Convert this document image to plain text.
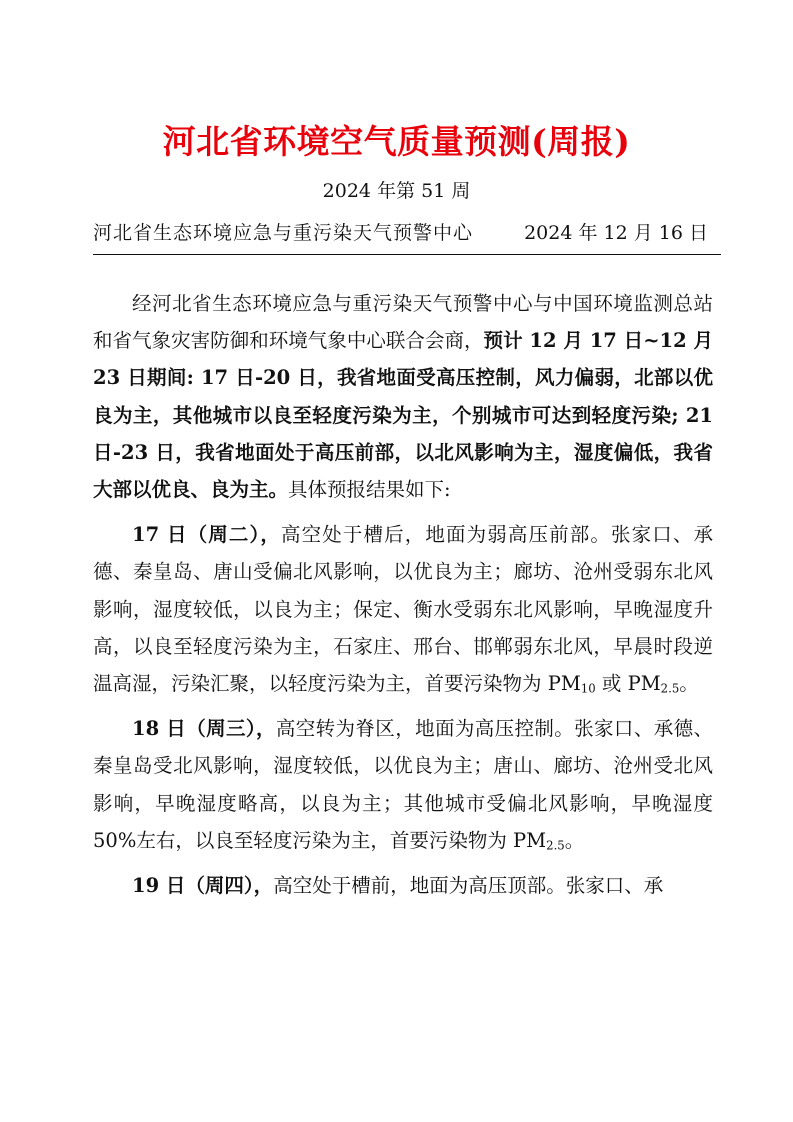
河北省环境空气质量预测(周报)
2024 年第 51 周
河北省生态环境应急与重污染天气预警中心	2024 年 12 月 16 日

经河北省生态环境应急与重污染天气预警中心与中国环境监测总站和省气象灾害防御和环境气象中心联合会商，预计 12 月 17 日~12 月 23 日期间: 17 日-20 日，我省地面受高压控制，风力偏弱，北部以优良为主，其他城市以良至轻度污染为主，个别城市可达到轻度污染; 21 日-23 日，我省地面处于高压前部，以北风影响为主，湿度偏低，我省大部以优良、良为主。具体预报结果如下:

17 日（周二），高空处于槽后，地面为弱高压前部。张家口、承德、秦皇岛、唐山受偏北风影响，以优良为主；廊坊、沧州受弱东北风影响，湿度较低，以良为主；保定、衡水受弱东北风影响，早晚湿度升高，以良至轻度污染为主，石家庄、邢台、邯郸弱东北风，早晨时段逆温高湿，污染汇聚，以轻度污染为主，首要污染物为 $PM_{10}$ 或 $PM_{2.5}$。

18 日（周三），高空转为脊区，地面为高压控制。张家口、承德、秦皇岛受北风影响，湿度较低，以优良为主；唐山、廊坊、沧州受北风影响，早晚湿度略高，以良为主；其他城市受偏北风影响，早晚湿度 50%左右，以良至轻度污染为主，首要污染物为 $PM_{2.5}$。

19 日（周四），高空处于槽前，地面为高压顶部。张家口、承
